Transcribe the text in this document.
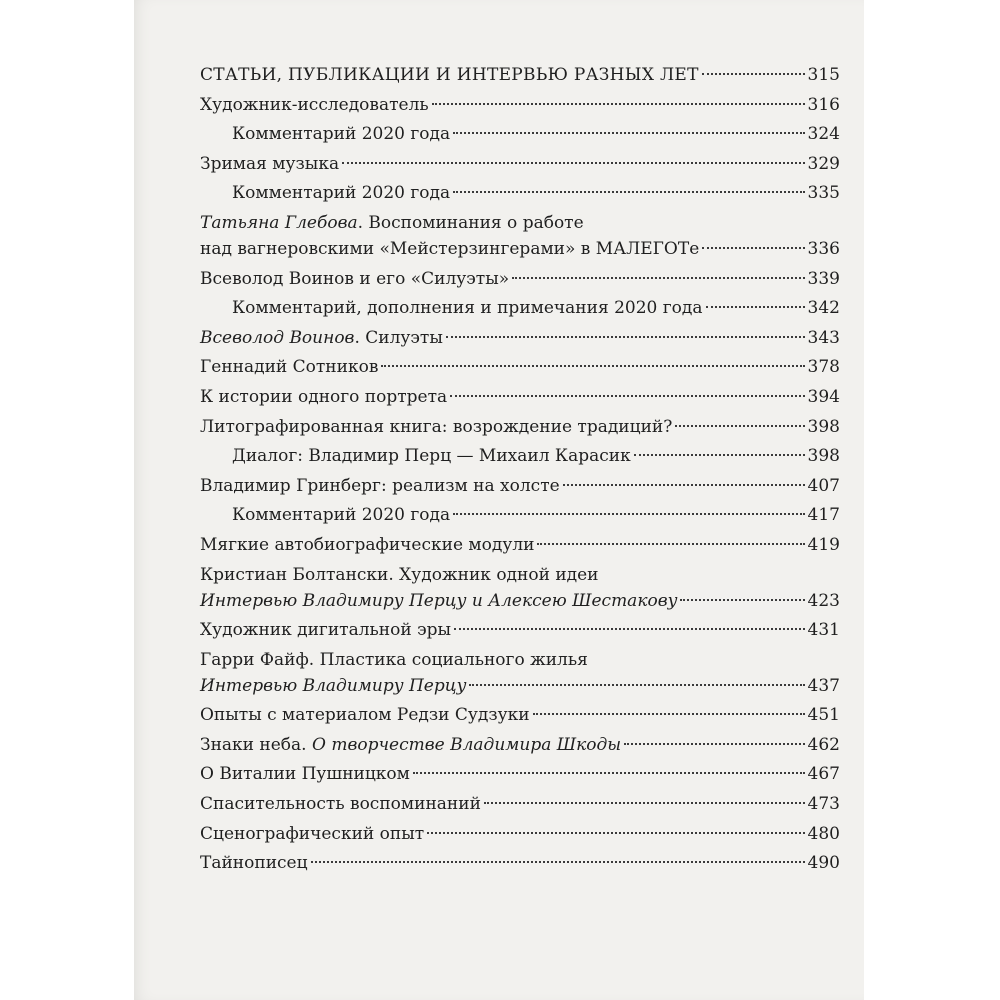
СТАТЬИ, ПУБЛИКАЦИИ И ИНТЕРВЬЮ РАЗНЫХ ЛЕТ	315
Художник-исследователь	316
Комментарий 2020 года	324
Зримая музыка	329
Комментарий 2020 года	335
Татьяна Глебова. Воспоминания о работе
над вагнеровскими «Мейстерзингерами» в МАЛЕГОТе	336
Всеволод Воинов и его «Силуэты»	339
Комментарий, дополнения и примечания 2020 года	342
Всеволод Воинов. Силуэты	343
Геннадий Сотников	378
К истории одного портрета	394
Литографированная книга: возрождение традиций?	398
Диалог: Владимир Перц — Михаил Карасик	398
Владимир Гринберг: реализм на холсте	407
Комментарий 2020 года	417
Мягкие автобиографические модули	419
Кристиан Болтански. Художник одной идеи
Интервью Владимиру Перцу и Алексею Шестакову	423
Художник дигитальной эры	431
Гарри Файф. Пластика социального жилья
Интервью Владимиру Перцу	437
Опыты с материалом Редзи Судзуки	451
Знаки неба. О творчестве Владимира Шкоды	462
О Виталии Пушницком	467
Спасительность воспоминаний	473
Сценографический опыт	480
Тайнописец	490
